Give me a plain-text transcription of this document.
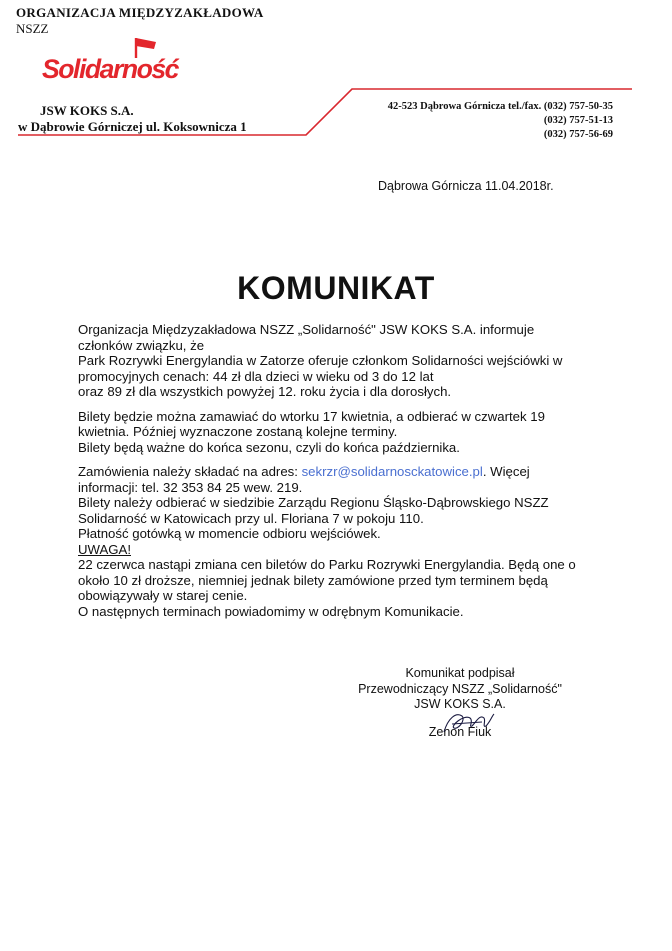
ORGANIZACJA MIĘDZYZAKŁADOWA
NSZZ
Solidarność
JSW KOKS S.A.
w Dąbrowie Górniczej ul. Koksownicza 1
42-523 Dąbrowa Górnicza tel./fax. (032) 757-50-35
(032) 757-51-13
(032) 757-56-69
Dąbrowa Górnicza 11.04.2018r.
KOMUNIKAT

Organizacja Międzyzakładowa NSZZ „Solidarność" JSW KOKS S.A. informuje

członków związku, że

Park Rozrywki Energylandia w Zatorze oferuje członkom Solidarności wejściówki w

promocyjnych cenach: 44 zł dla dzieci w wieku od 3 do 12 lat

oraz 89 zł dla wszystkich powyżej 12. roku życia i dla dorosłych.

Bilety będzie można zamawiać do wtorku 17 kwietnia, a odbierać w czwartek 19

kwietnia. Później wyznaczone zostaną kolejne terminy.

Bilety będą ważne do końca sezonu, czyli do końca października.

Zamówienia należy składać na adres: sekrzr@solidarnosckatowice.pl. Więcej

informacji: tel. 32 353 84 25 wew. 219.

Bilety należy odbierać w siedzibie Zarządu Regionu Śląsko-Dąbrowskiego NSZZ

Solidarność w Katowicach przy ul. Floriana 7 w pokoju 110.

Płatność gotówką w momencie odbioru wejściówek.

UWAGA!

22 czerwca nastąpi zmiana cen biletów do Parku Rozrywki Energylandia. Będą one o

około 10 zł droższe, niemniej jednak bilety zamówione przed tym terminem będą

obowiązywały w starej cenie.

O następnych terminach powiadomimy w odrębnym Komunikacie.

Komunikat podpisał
Przewodniczący NSZZ „Solidarność"
JSW KOKS S.A.
Zenon Fiuk
